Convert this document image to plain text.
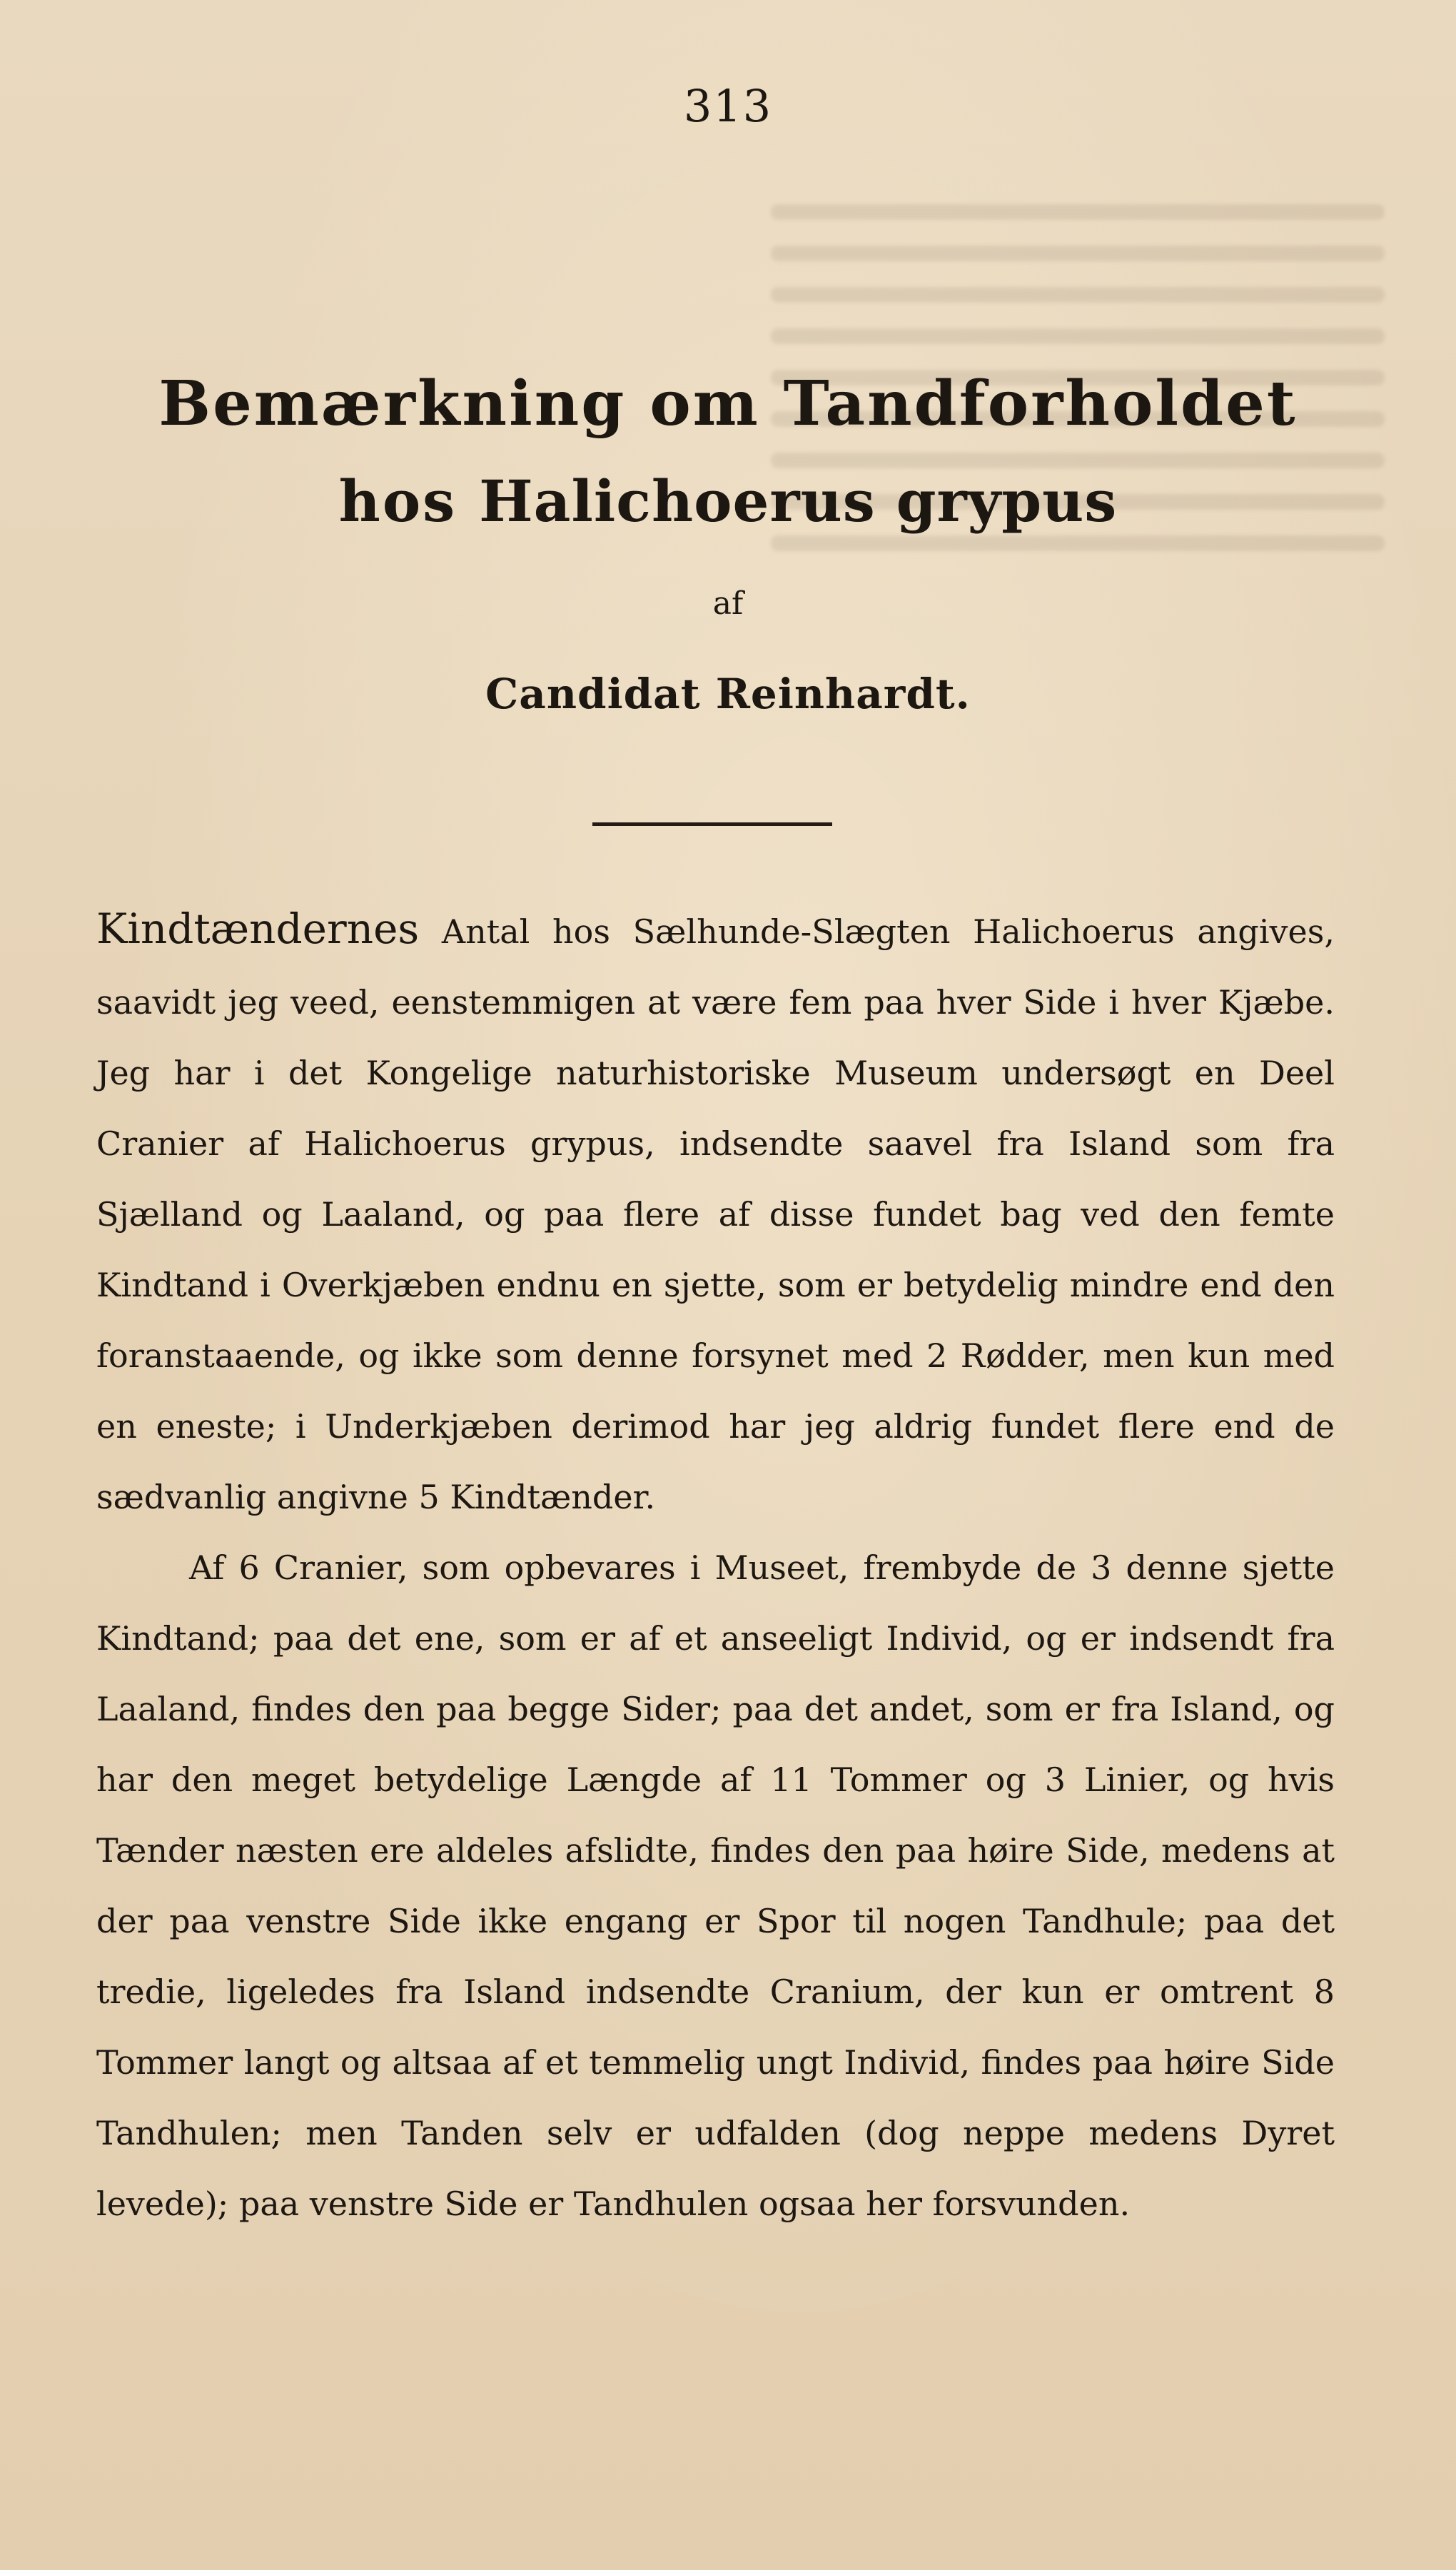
313
Bemærkning om Tandforholdet
hos Halichoerus grypus
af
Candidat Reinhardt.

Kindtændernes Antal hos Sælhunde-Slægten Halichoerus angives, saavidt jeg veed, eenstemmigen at være fem paa hver Side i hver Kjæbe. Jeg har i det Kongelige naturhistoriske Museum undersøgt en Deel Cranier af Halichoerus grypus, indsendte saavel fra Island som fra Sjælland og Laaland, og paa flere af disse fundet bag ved den femte Kindtand i Overkjæben endnu en sjette, som er betydelig mindre end den foranstaaende, og ikke som denne forsynet med 2 Rødder, men kun med en eneste; i Underkjæben derimod har jeg aldrig fundet flere end de sædvanlig angivne 5 Kindtænder.

Af 6 Cranier, som opbevares i Museet, frembyde de 3 denne sjette Kindtand; paa det ene, som er af et anseeligt Individ, og er indsendt fra Laaland, findes den paa begge Sider; paa det andet, som er fra Island, og har den meget betydelige Længde af 11 Tommer og 3 Linier, og hvis Tænder næsten ere aldeles afslidte, findes den paa høire Side, medens at der paa venstre Side ikke engang er Spor til nogen Tandhule; paa det tredie, ligeledes fra Island indsendte Cranium, der kun er omtrent 8 Tommer langt og altsaa af et temmelig ungt Individ, findes paa høire Side Tandhulen; men Tanden selv er udfalden (dog neppe medens Dyret levede); paa venstre Side er Tandhulen ogsaa her forsvunden.
